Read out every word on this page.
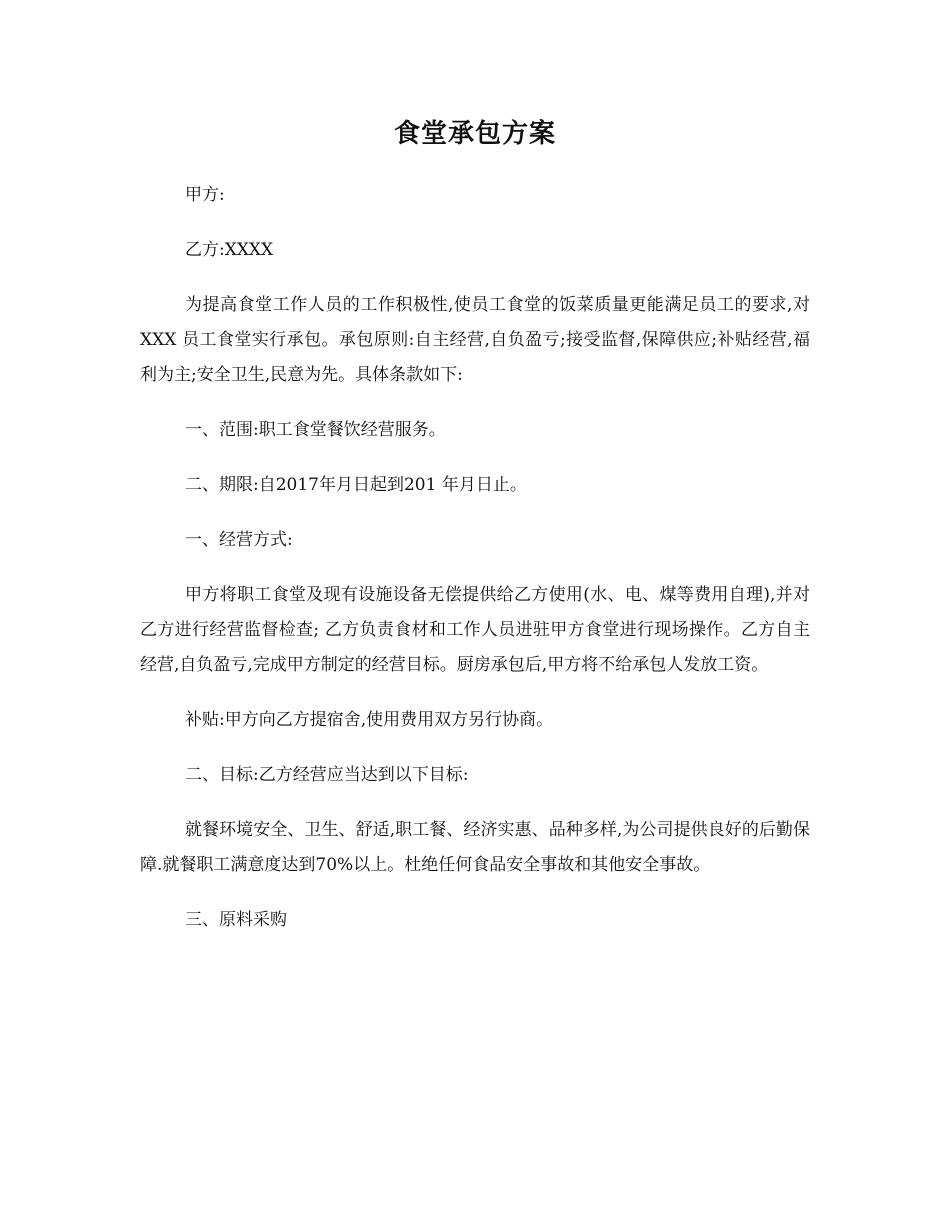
食堂承包方案

甲方:

乙方:XXXX

为提高食堂工作人员的工作积极性,使员工食堂的饭菜质量更能满足员工的要求,对XXX 员工食堂实行承包。承包原则:自主经营,自负盈亏;接受监督,保障供应;补贴经营,福利为主;安全卫生,民意为先。具体条款如下:

一、范围:职工食堂餐饮经营服务。

二、期限:自2017年月日起到201 年月日止。

一、经营方式:

甲方将职工食堂及现有设施设备无偿提供给乙方使用(水、电、煤等费用自理),并对乙方进行经营监督检查; 乙方负责食材和工作人员进驻甲方食堂进行现场操作。乙方自主经营,自负盈亏,完成甲方制定的经营目标。厨房承包后,甲方将不给承包人发放工资。

补贴:甲方向乙方提宿舍,使用费用双方另行协商。

二、目标:乙方经营应当达到以下目标:

就餐环境安全、卫生、舒适,职工餐、经济实惠、品种多样,为公司提供良好的后勤保障.就餐职工满意度达到70%以上。杜绝任何食品安全事故和其他安全事故。

三、原料采购
